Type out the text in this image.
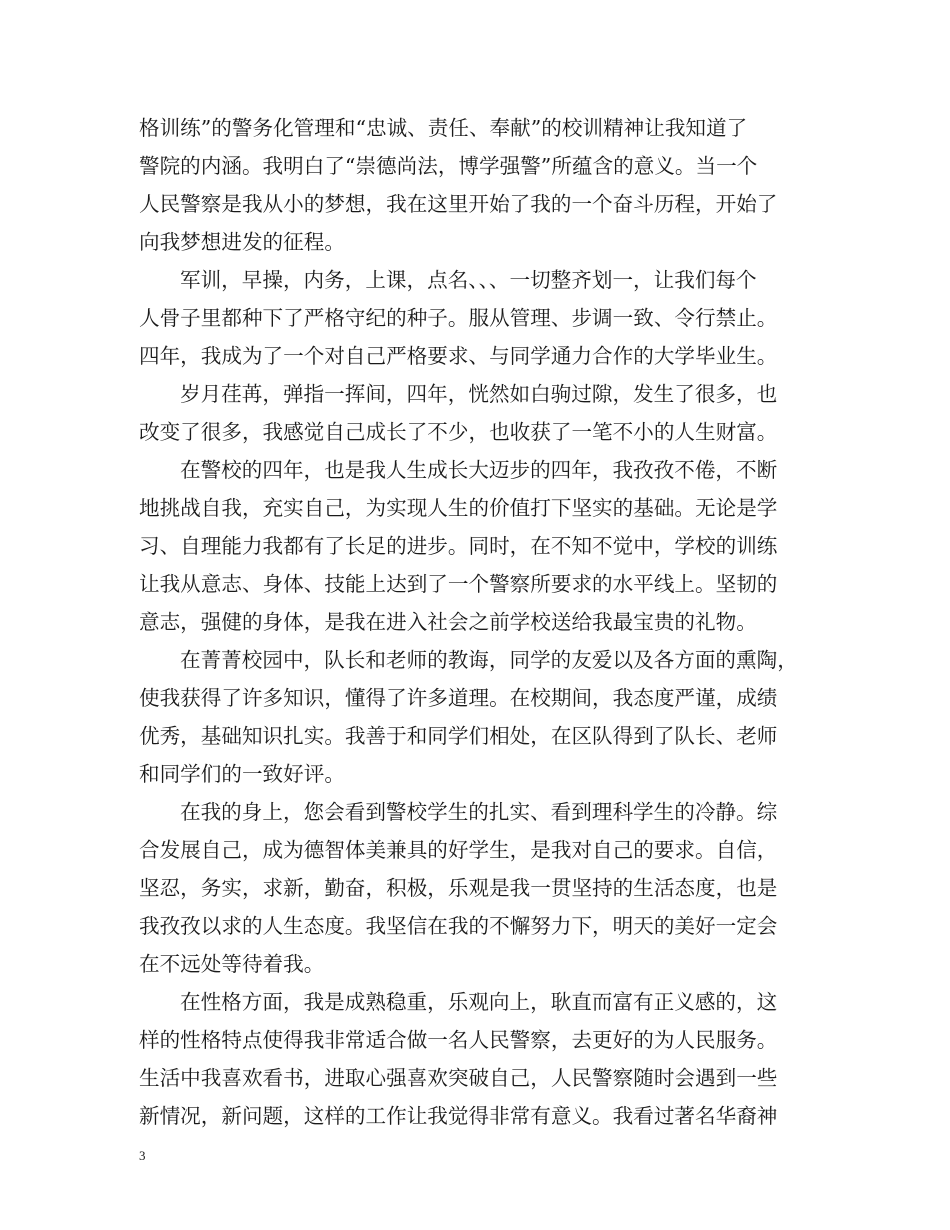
格训练”的警务化管理和“忠诚、责任、奉献”的校训精神让我知道了
警院的内涵。我明白了“崇德尚法，博学强警”所蕴含的意义。当一个
人民警察是我从小的梦想，我在这里开始了我的一个奋斗历程，开始了
向我梦想进发的征程。
军训，早操，内务，上课，点名、、、一切整齐划一，让我们每个
人骨子里都种下了严格守纪的种子。服从管理、步调一致、令行禁止。
四年，我成为了一个对自己严格要求、与同学通力合作的大学毕业生。
岁月荏苒，弹指一挥间，四年，恍然如白驹过隙，发生了很多，也
改变了很多，我感觉自己成长了不少，也收获了一笔不小的人生财富。
在警校的四年，也是我人生成长大迈步的四年，我孜孜不倦，不断
地挑战自我，充实自己，为实现人生的价值打下坚实的基础。无论是学
习、自理能力我都有了长足的进步。同时，在不知不觉中，学校的训练
让我从意志、身体、技能上达到了一个警察所要求的水平线上。坚韧的
意志，强健的身体，是我在进入社会之前学校送给我最宝贵的礼物。
在菁菁校园中，队长和老师的教诲，同学的友爱以及各方面的熏陶，
使我获得了许多知识，懂得了许多道理。在校期间，我态度严谨，成绩
优秀，基础知识扎实。我善于和同学们相处，在区队得到了队长、老师
和同学们的一致好评。
在我的身上，您会看到警校学生的扎实、看到理科学生的冷静。综
合发展自己，成为德智体美兼具的好学生，是我对自己的要求。自信，
坚忍，务实，求新，勤奋，积极，乐观是我一贯坚持的生活态度，也是
我孜孜以求的人生态度。我坚信在我的不懈努力下，明天的美好一定会
在不远处等待着我。
在性格方面，我是成熟稳重，乐观向上，耿直而富有正义感的，这
样的性格特点使得我非常适合做一名人民警察，去更好的为人民服务。
生活中我喜欢看书，进取心强喜欢突破自己，人民警察随时会遇到一些
新情况，新问题，这样的工作让我觉得非常有意义。我看过著名华裔神
3
